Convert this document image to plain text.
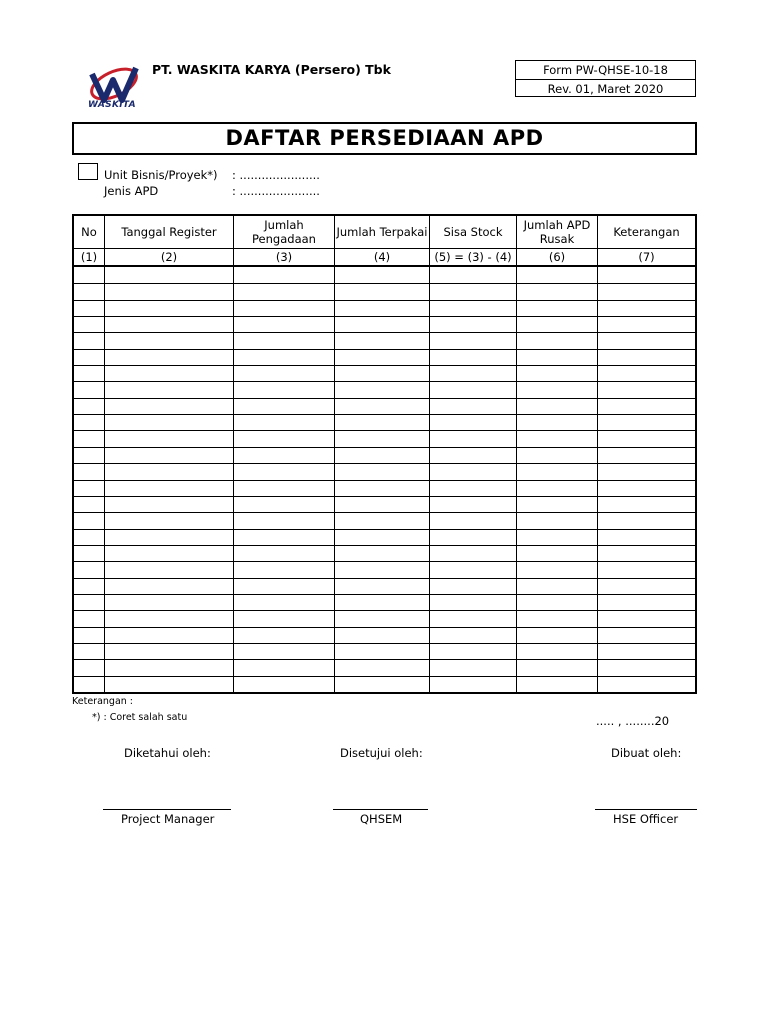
WASKITA
PT. WASKITA KARYA (Persero) Tbk	Form PW-QHSE-10-18
Rev. 01, Maret 2020
DAFTAR PERSEDIAAN APD
Unit Bisnis/Proyek*) : ......................
Jenis APD	: ......................
No	Tanggal Register	Jumlah Pengadaan	Jumlah Terpakai	Sisa Stock	Jumlah APD Rusak	Keterangan
(1)	(2)	(3)	(4)	(5) = (3) - (4)	(6)	(7)
Keterangan :
*) : Coret salah satu	..... , ........20
Diketahui oleh:	Disetujui oleh:	Dibuat oleh:
Project Manager	QHSEM	HSE Officer
